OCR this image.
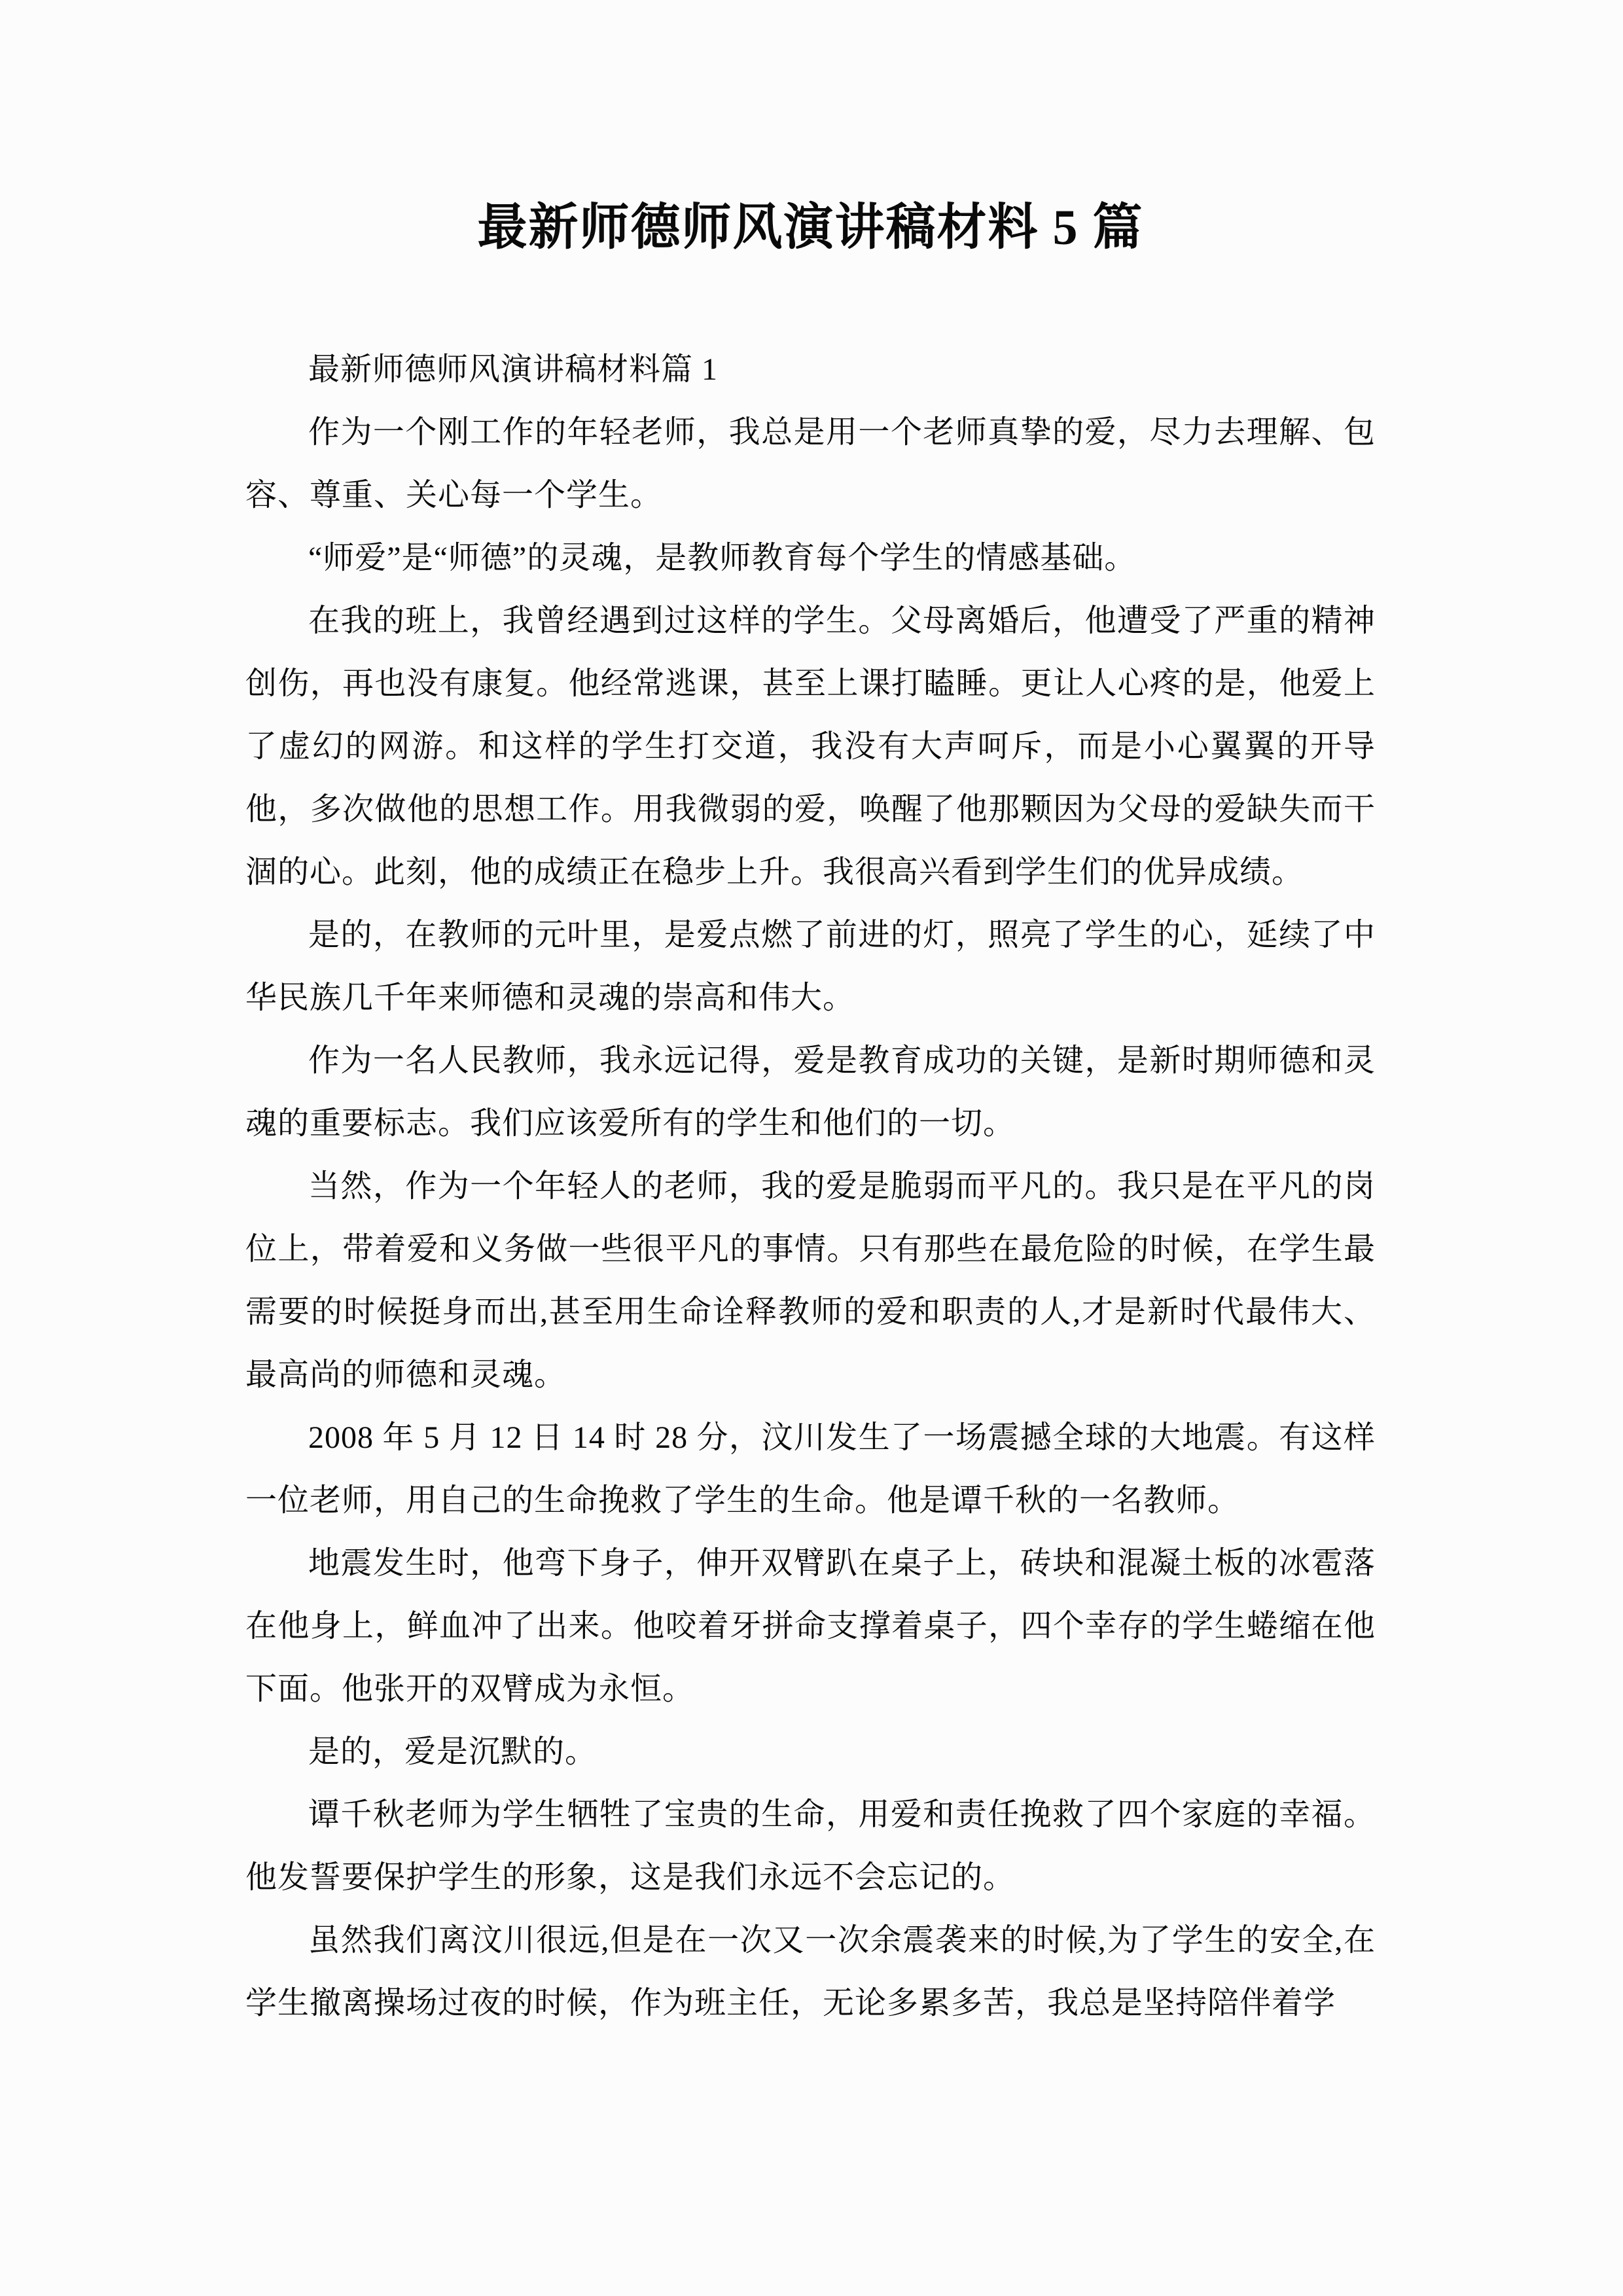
最新师德师风演讲稿材料 5 篇

最新师德师风演讲稿材料篇 1

作为一个刚工作的年轻老师，我总是用一个老师真挚的爱，尽力去理解、包容、尊重、关心每一个学生。

“师爱”是“师德”的灵魂，是教师教育每个学生的情感基础。

在我的班上，我曾经遇到过这样的学生。父母离婚后，他遭受了严重的精神创伤，再也没有康复。他经常逃课，甚至上课打瞌睡。更让人心疼的是，他爱上了虚幻的网游。和这样的学生打交道，我没有大声呵斥，而是小心翼翼的开导他，多次做他的思想工作。用我微弱的爱，唤醒了他那颗因为父母的爱缺失而干涸的心。此刻，他的成绩正在稳步上升。我很高兴看到学生们的优异成绩。

是的，在教师的元叶里，是爱点燃了前进的灯，照亮了学生的心，延续了中华民族几千年来师德和灵魂的崇高和伟大。

作为一名人民教师，我永远记得，爱是教育成功的关键，是新时期师德和灵魂的重要标志。我们应该爱所有的学生和他们的一切。

当然，作为一个年轻人的老师，我的爱是脆弱而平凡的。我只是在平凡的岗位上，带着爱和义务做一些很平凡的事情。只有那些在最危险的时候，在学生最需要的时候挺身而出,甚至用生命诠释教师的爱和职责的人,才是新时代最伟大、最高尚的师德和灵魂。

2008 年 5 月 12 日 14 时 28 分，汶川发生了一场震撼全球的大地震。有这样一位老师，用自己的生命挽救了学生的生命。他是谭千秋的一名教师。

地震发生时，他弯下身子，伸开双臂趴在桌子上，砖块和混凝土板的冰雹落在他身上，鲜血冲了出来。他咬着牙拼命支撑着桌子，四个幸存的学生蜷缩在他下面。他张开的双臂成为永恒。

是的，爱是沉默的。

谭千秋老师为学生牺牲了宝贵的生命，用爱和责任挽救了四个家庭的幸福。他发誓要保护学生的形象，这是我们永远不会忘记的。

虽然我们离汶川很远,但是在一次又一次余震袭来的时候,为了学生的安全,在学生撤离操场过夜的时候，作为班主任，无论多累多苦，我总是坚持陪伴着学
